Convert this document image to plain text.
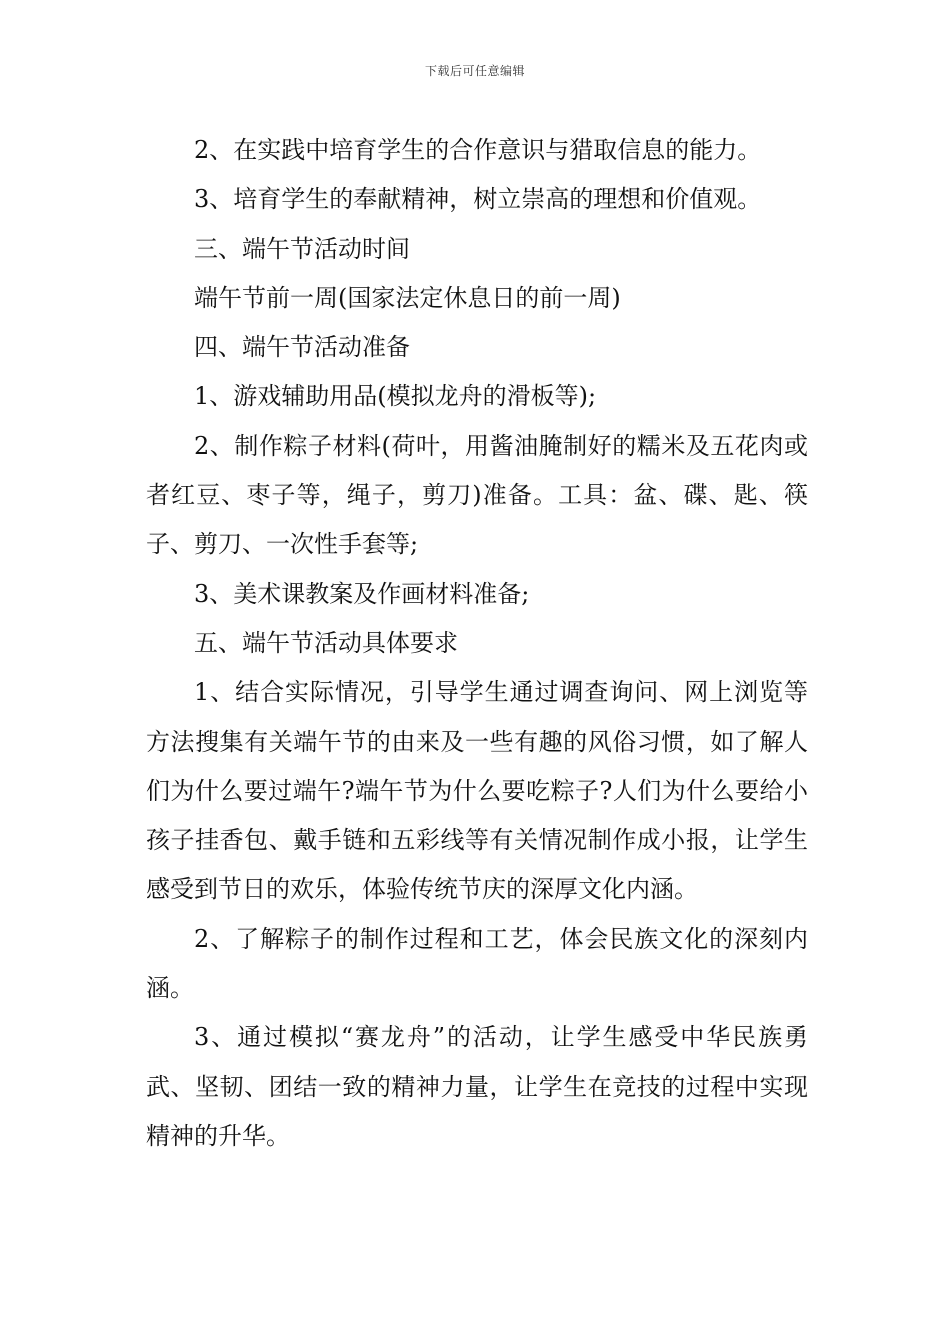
下载后可任意编辑

2、在实践中培育学生的合作意识与猎取信息的能力。

3、培育学生的奉献精神，树立崇高的理想和价值观。

三、端午节活动时间

端午节前一周(国家法定休息日的前一周)

四、端午节活动准备

1、游戏辅助用品(模拟龙舟的滑板等);

2、制作粽子材料(荷叶，用酱油腌制好的糯米及五花肉或者红豆、枣子等，绳子，剪刀)准备。工具：盆、碟、匙、筷子、剪刀、一次性手套等;

3、美术课教案及作画材料准备;

五、端午节活动具体要求

1、结合实际情况，引导学生通过调查询问、网上浏览等方法搜集有关端午节的由来及一些有趣的风俗习惯，如了解人们为什么要过端午?端午节为什么要吃粽子?人们为什么要给小孩子挂香包、戴手链和五彩线等有关情况制作成小报，让学生感受到节日的欢乐，体验传统节庆的深厚文化内涵。

2、了解粽子的制作过程和工艺，体会民族文化的深刻内涵。

3、通过模拟“赛龙舟”的活动，让学生感受中华民族勇武、坚韧、团结一致的精神力量，让学生在竞技的过程中实现精神的升华。
